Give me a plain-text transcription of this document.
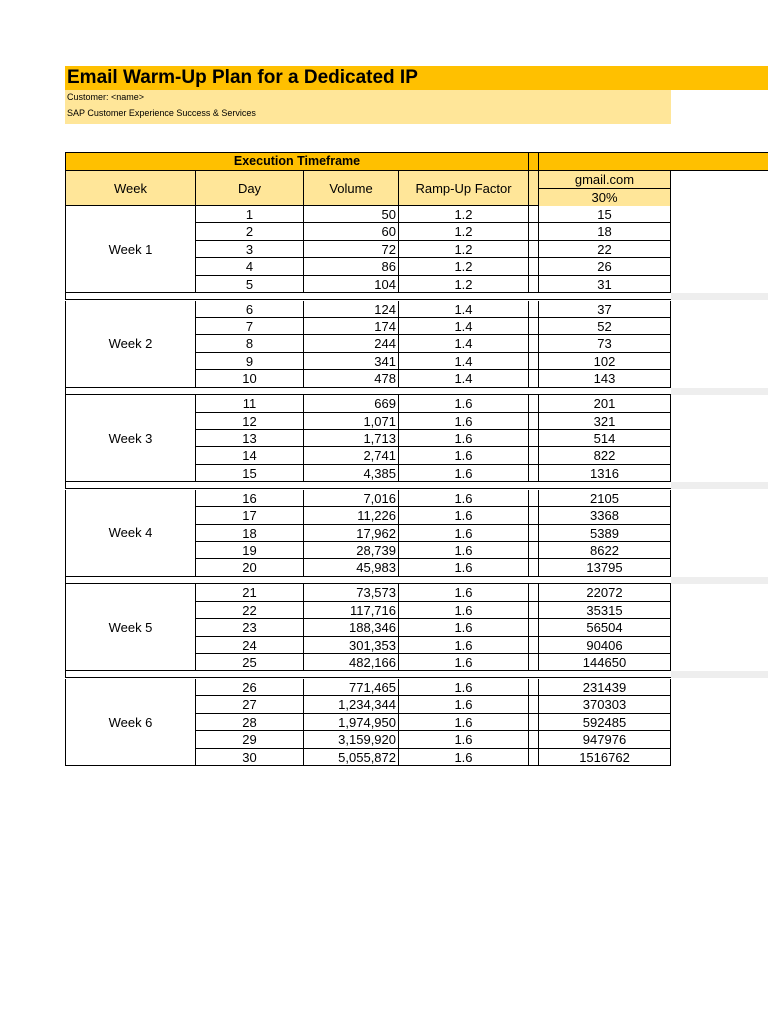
Email Warm-Up Plan for a Dedicated IP
Customer: <name>
SAP Customer Experience Success & Services
Execution Timeframe
Week	Day	Volume	Ramp-Up Factor
gmail.com
30%
Week 1
1	50	1.2	15
2	60	1.2	18
3	72	1.2	22
4	86	1.2	26
5	104	1.2	31
Week 2
6	124	1.4	37
7	174	1.4	52
8	244	1.4	73
9	341	1.4	102
10	478	1.4	143
Week 3
11	669	1.6	201
12	1,071	1.6	321
13	1,713	1.6	514
14	2,741	1.6	822
15	4,385	1.6	1316
Week 4
16	7,016	1.6	2105
17	11,226	1.6	3368
18	17,962	1.6	5389
19	28,739	1.6	8622
20	45,983	1.6	13795
Week 5
21	73,573	1.6	22072
22	117,716	1.6	35315
23	188,346	1.6	56504
24	301,353	1.6	90406
25	482,166	1.6	144650
Week 6
26	771,465	1.6	231439
27	1,234,344	1.6	370303
28	1,974,950	1.6	592485
29	3,159,920	1.6	947976
30	5,055,872	1.6	1516762
